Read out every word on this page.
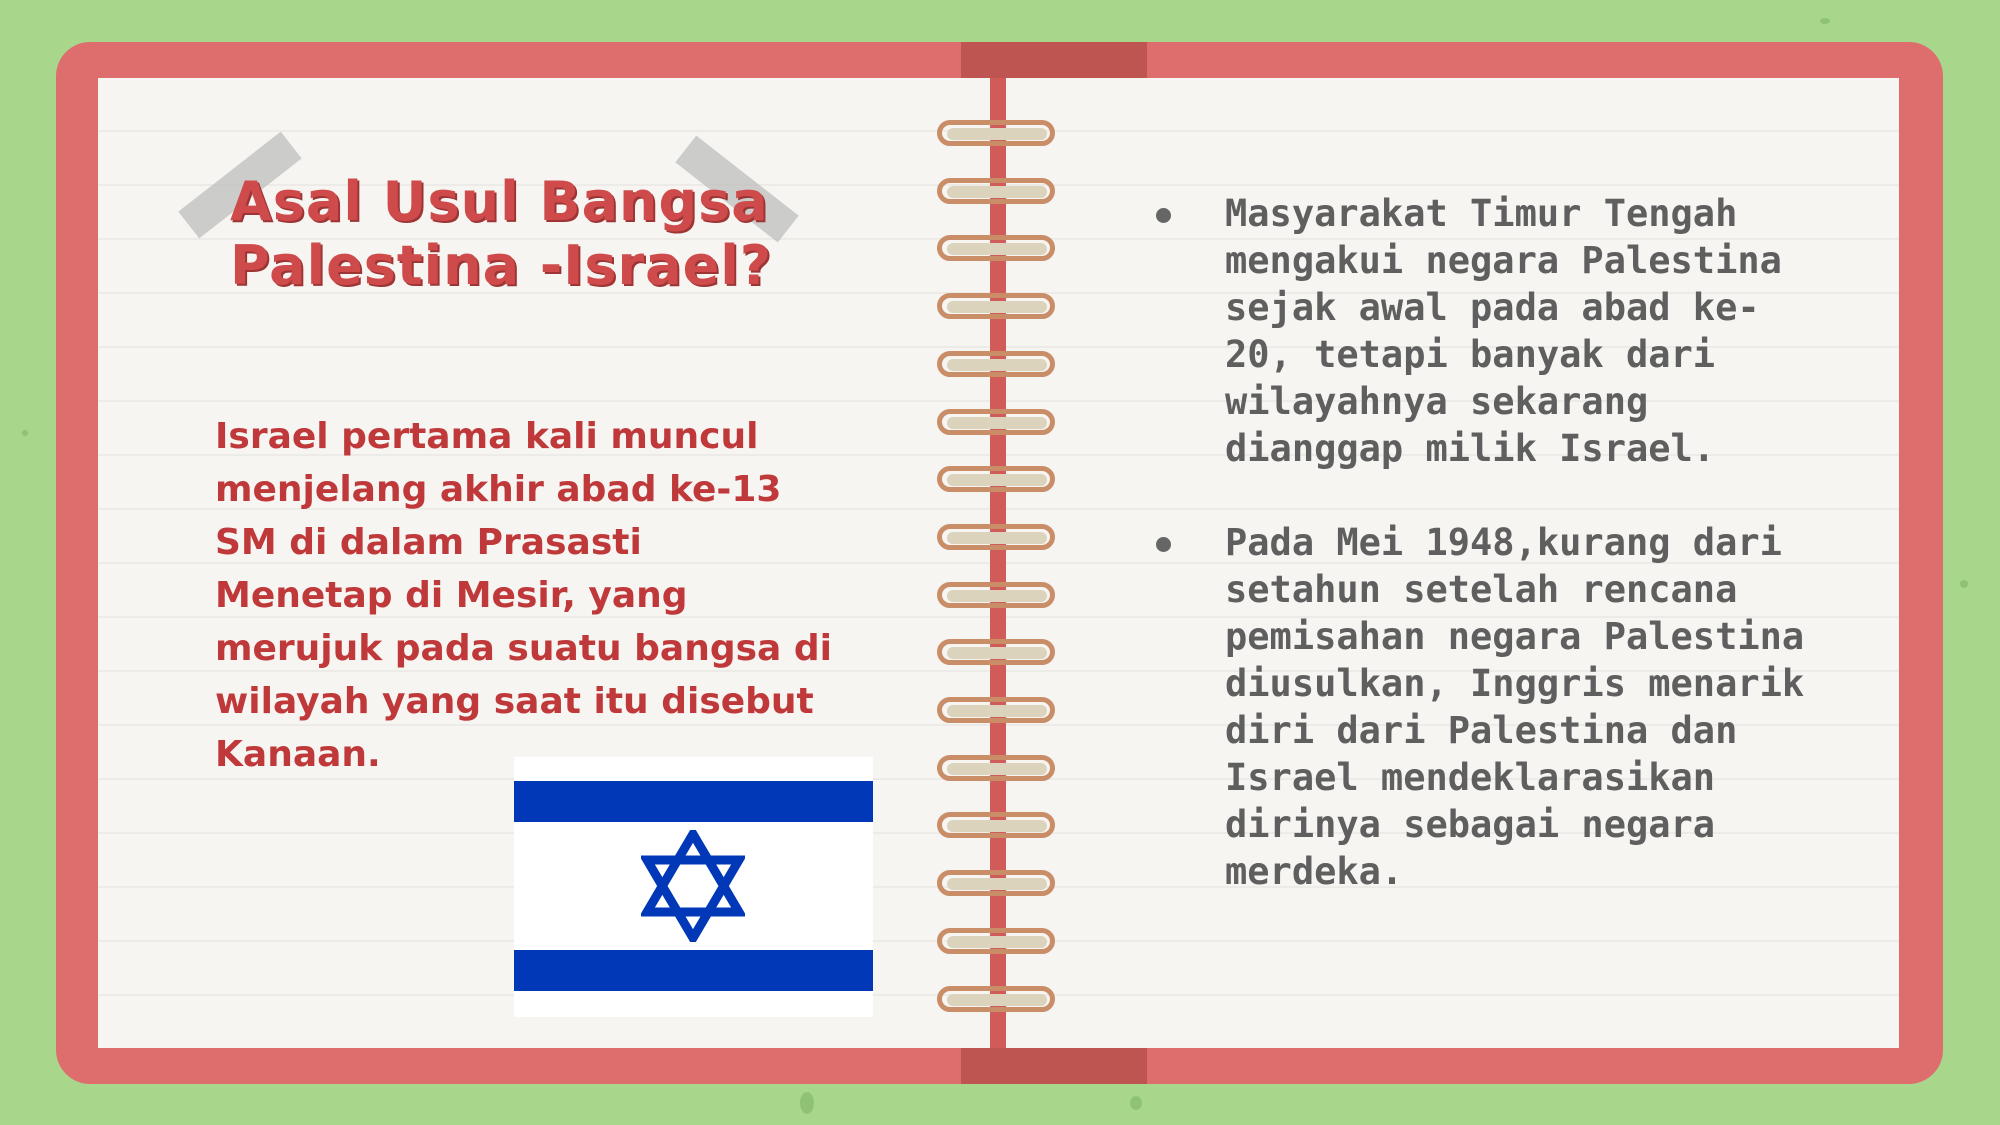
Asal Usul Bangsa
Palestina -Israel?

Israel pertama kali muncul
menjelang akhir abad ke-13
SM di dalam Prasasti
Menetap di Mesir, yang
merujuk pada suatu bangsa di
wilayah yang saat itu disebut
Kanaan.

Masyarakat Timur Tengah
mengakui negara Palestina
sejak awal pada abad ke-
20, tetapi banyak dari
wilayahnya sekarang
dianggap milik Israel.
Pada Mei 1948,kurang dari
setahun setelah rencana
pemisahan negara Palestina
diusulkan, Inggris menarik
diri dari Palestina dan
Israel mendeklarasikan
dirinya sebagai negara
merdeka.
